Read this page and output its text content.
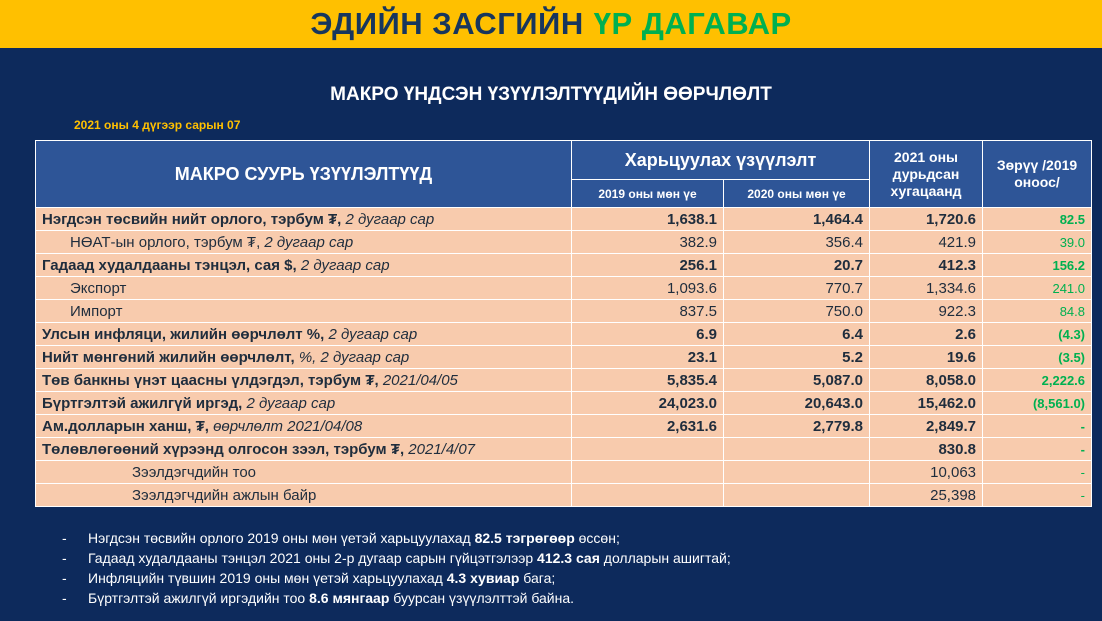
ЭДИЙН ЗАСГИЙН ҮР ДАГАВАР
МАКРО ҮНДСЭН ҮЗҮҮЛЭЛТҮҮДИЙН ӨӨРЧЛӨЛТ
2021 оны 4 дүгээр сарын 07
МАКРО СУУРЬ ҮЗҮҮЛЭЛТҮҮД	Харьцуулах үзүүлэлт		2021 оны дурьдсан хугацаанд	Зөрүү /2019 оноос/
	2019 оны мөн үе	2020 оны мөн үе		
Нэгдсэн төсвийн нийт орлого, тэрбум ₮, 2 дугаар сар	1,638.1	1,464.4	1,720.6	82.5
НӨАТ-ын орлого, тэрбум ₮, 2 дугаар сар	382.9	356.4	421.9	39.0
Гадаад худалдааны тэнцэл, сая $, 2 дугаар сар	256.1	20.7	412.3	156.2
Экспорт	1,093.6	770.7	1,334.6	241.0
Импорт	837.5	750.0	922.3	84.8
Улсын инфляци, жилийн өөрчлөлт %, 2 дугаар сар	6.9	6.4	2.6	(4.3)
Нийт мөнгөний жилийн өөрчлөлт, %, 2 дугаар сар	23.1	5.2	19.6	(3.5)
Төв банкны үнэт цаасны үлдэгдэл, тэрбум ₮, 2021/04/05	5,835.4	5,087.0	8,058.0	2,222.6
Бүртгэлтэй ажилгүй иргэд, 2 дугаар сар	24,023.0	20,643.0	15,462.0	(8,561.0)
Ам.долларын ханш, ₮, өөрчлөлт 2021/04/08	2,631.6	2,779.8	2,849.7	-
Төлөвлөгөөний хүрээнд олгосон зээл, тэрбум ₮, 2021/4/07			830.8	-
Зээлдэгчдийн тоо			10,063	-
Зээлдэгчдийн ажлын байр			25,398	-
- Нэгдсэн төсвийн орлого 2019 оны мөн үетэй харьцуулахад 82.5 тэгрөгөөр өссөн;
- Гадаад худалдааны тэнцэл 2021 оны 2-р дугаар сарын гүйцэтгэлээр 412.3 сая долларын ашигтай;
- Инфляцийн түвшин 2019 оны мөн үетэй харьцуулахад 4.3 хувиар бага;
- Бүртгэлтэй ажилгүй иргэдийн тоо 8.6 мянгаар буурсан үзүүлэлттэй байна.
